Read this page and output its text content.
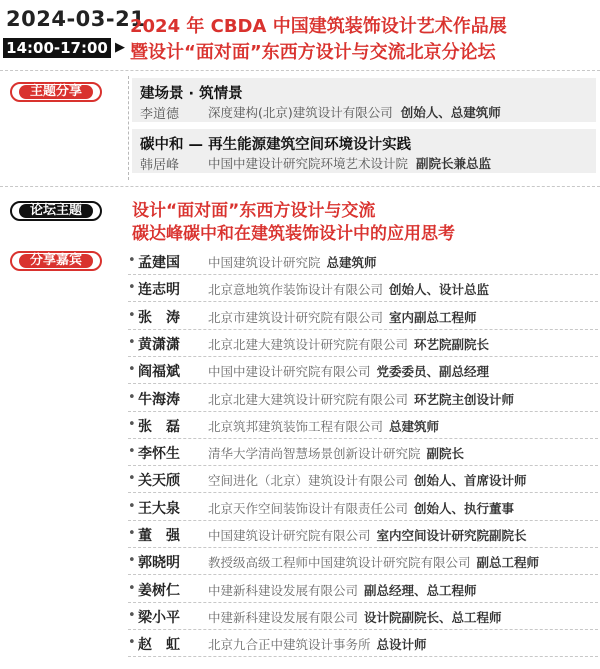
2024-03-21
14:00-17:00 ▶
2024 年 CBDA 中国建筑装饰设计艺术作品展
暨设计“面对面”东西方设计与交流北京分论坛
主题分享	建场景 · 筑情景
李道德 深度建构(北京)建筑设计有限公司 创始人、总建筑师
碳中和 — 再生能源建筑空间环境设计实践
韩居峰 中国中建设计研究院环境艺术设计院 副院长兼总监
论坛主题	设计“面对面”东西方设计与交流
碳达峰碳中和在建筑装饰设计中的应用思考
分享嘉宾	• 孟建国 中国建筑设计研究院 总建筑师
• 连志明 北京意地筑作装饰设计有限公司 创始人、设计总监
• 张　涛 北京市建筑设计研究院有限公司 室内副总工程师
• 黄潇潇 北京北建大建筑设计研究院有限公司 环艺院副院长
• 阎福斌 中国中建设计研究院有限公司 党委委员、副总经理
• 牛海涛 北京北建大建筑设计研究院有限公司 环艺院主创设计师
• 张　磊 北京筑邦建筑装饰工程有限公司 总建筑师
• 李怀生 清华大学清尚智慧场景创新设计研究院 副院长
• 关天颀 空间进化（北京）建筑设计有限公司 创始人、首席设计师
• 王大泉 北京天作空间装饰设计有限责任公司 创始人、执行董事
• 董　强 中国建筑设计研究院有限公司 室内空间设计研究院副院长
• 郭晓明 教授级高级工程师中国建筑设计研究院有限公司 副总工程师
• 姜树仁 中建新科建设发展有限公司 副总经理、总工程师
• 梁小平 中建新科建设发展有限公司 设计院副院长、总工程师
• 赵　虹 北京九合正中建筑设计事务所 总设计师
